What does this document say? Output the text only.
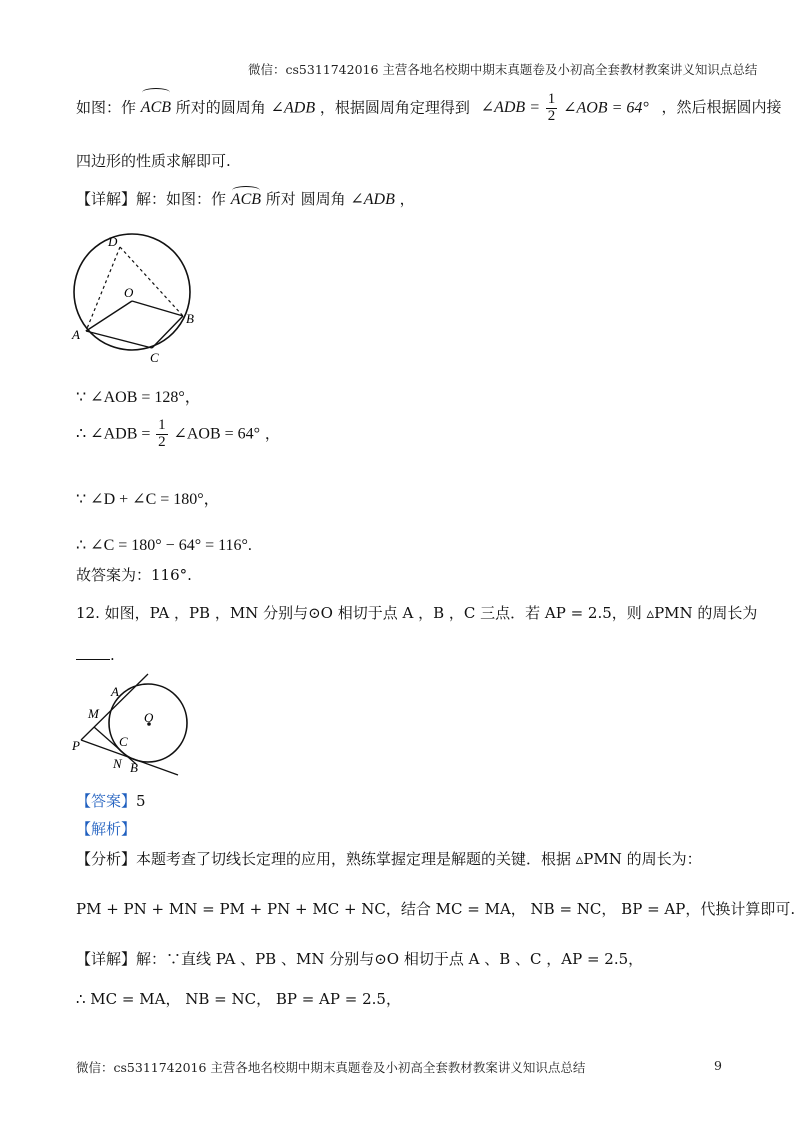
微信：cs5311742016 主营各地名校期中期末真题卷及小初高全套教材教案讲义知识点总结
如图：作 ACB 所对的圆周角 ∠ADB ，根据圆周角定理得到 ∠ADB = $\frac{1}{2}$ ∠AOB = 64° ，然后根据圆内接
四边形的性质求解即可.
【详解】解：如图：作 ACB 所对 圆周角 ∠ADB ，
D
O
A
B
C
∵ ∠AOB = 128°，
∴ ∠ADB = $\frac{1}{2}$ ∠AOB = 64° ，
∵ ∠D + ∠C = 180°，
∴ ∠C = 180° − 64° = 116°.
故答案为：116°.
12. 如图，PA ，PB ，MN 分别与⊙O 相切于点 A ，B ，C 三点．若 AP = 2.5，则 ▵PMN 的周长为
.
A
M	O
P	C
N B
【答案】5
【解析】
【分析】本题考查了切线长定理的应用，熟练掌握定理是解题的关键．根据 ▵PMN 的周长为：
PM + PN + MN = PM + PN + MC + NC，结合 MC = MA， NB = NC， BP = AP，代换计算即可.
【详解】解：∵直线 PA 、PB 、MN 分别与⊙O 相切于点 A 、B 、C ，AP = 2.5，
∴ MC = MA， NB = NC， BP = AP = 2.5，
微信：cs5311742016 主营各地名校期中期末真题卷及小初高全套教材教案讲义知识点总结	9
